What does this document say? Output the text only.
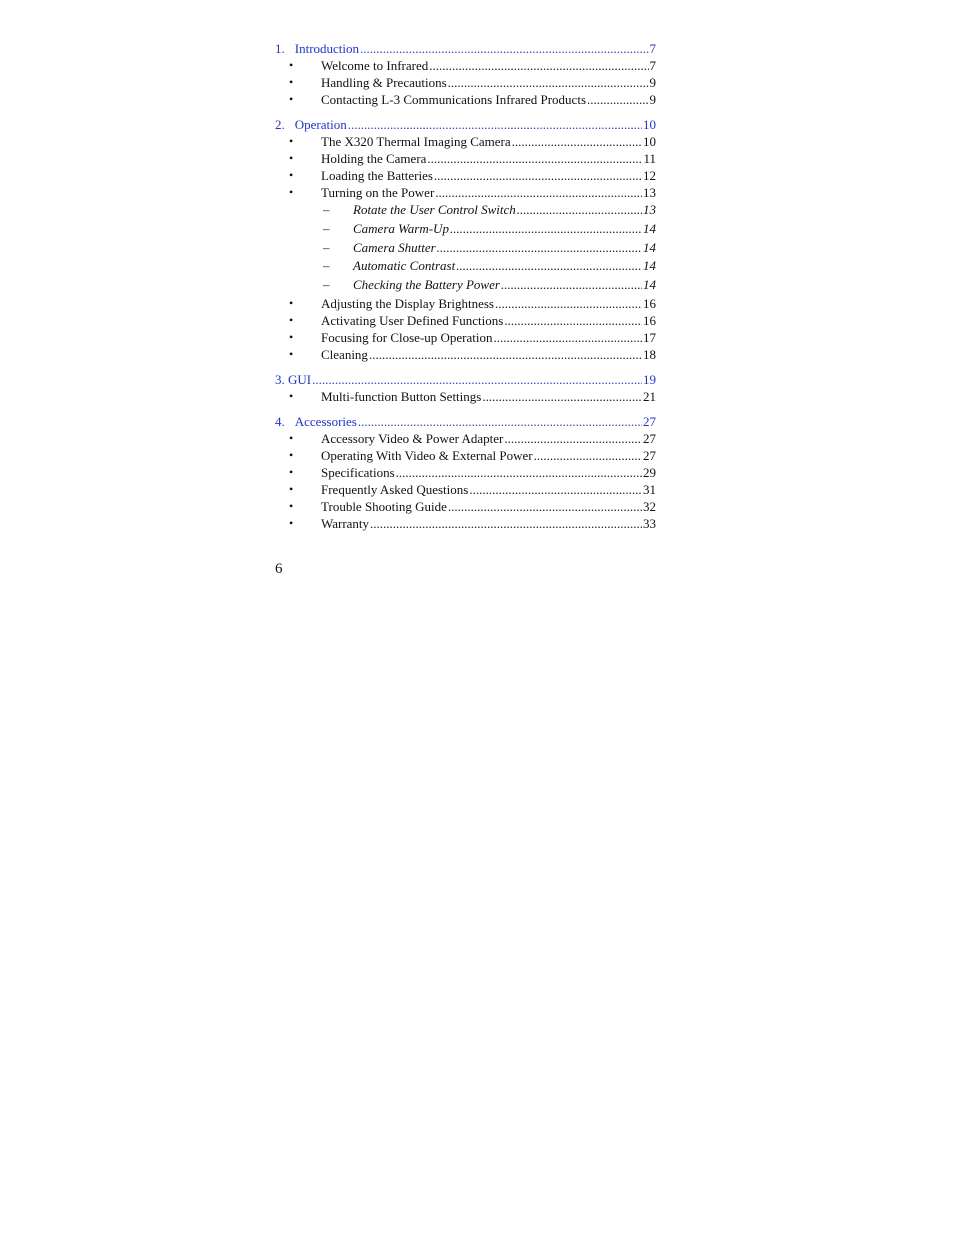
1. Introduction .....	7
• Welcome to Infrared .....	7
• Handling & Precautions .....	9
• Contacting L-3 Communications Infrared Products .....	9
2. Operation .....	10
• The X320 Thermal Imaging Camera .....	10
• Holding the Camera .....	11
• Loading the Batteries .....	12
• Turning on the Power .....	13
– Rotate the User Control Switch .....	13
– Camera Warm-Up .....	14
– Camera Shutter .....	14
– Automatic Contrast .....	14
– Checking the Battery Power .....	14
• Adjusting the Display Brightness .....	16
• Activating User Defined Functions .....	16
• Focusing for Close-up Operation .....	17
• Cleaning .....	18
3. GUI .....	19
• Multi-function Button Settings .....	21
4. Accessories .....	27
• Accessory Video & Power Adapter .....	27
• Operating With Video & External Power .....	27
• Specifications .....	29
• Frequently Asked Questions .....	31
• Trouble Shooting Guide .....	32
• Warranty .....	33
6
